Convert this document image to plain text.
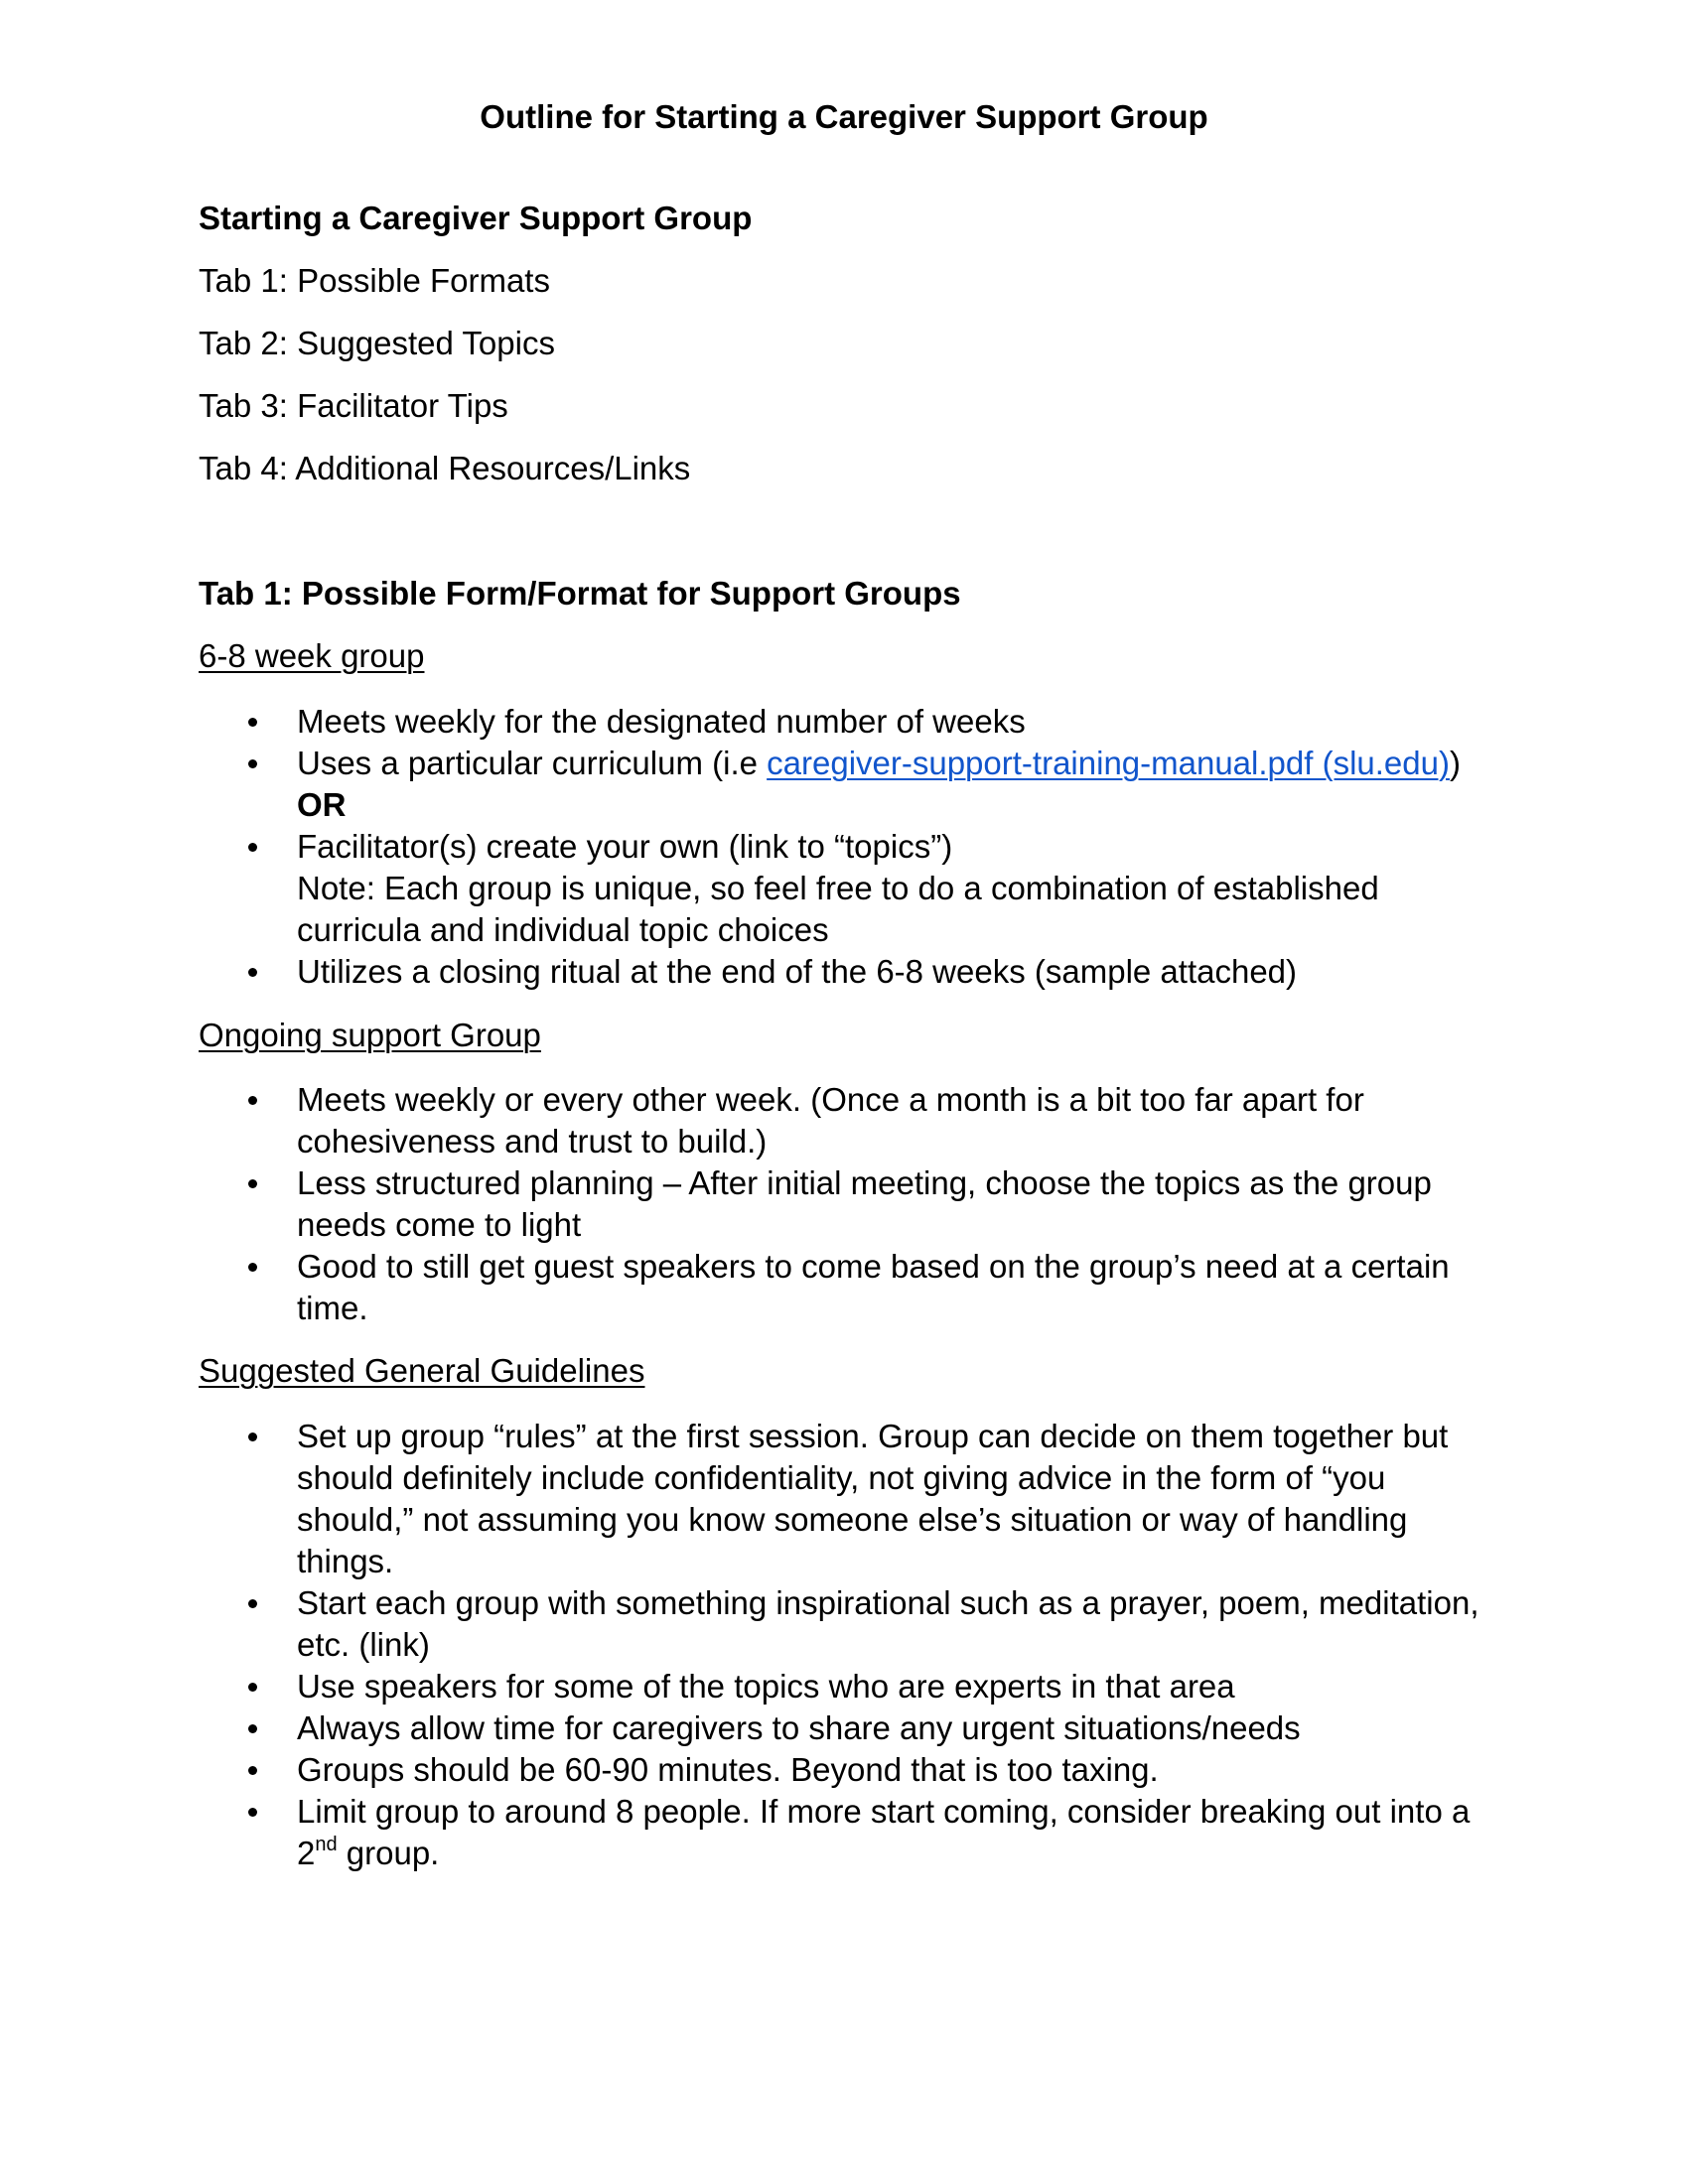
Outline for Starting a Caregiver Support Group
Starting a Caregiver Support Group
Tab 1: Possible Formats
Tab 2: Suggested Topics
Tab 3: Facilitator Tips
Tab 4: Additional Resources/Links
Tab 1: Possible Form/Format for Support Groups
6-8 week group
Meets weekly for the designated number of weeks
Uses a particular curriculum (i.e caregiver-support-training-manual.pdf (slu.edu))
OR
Facilitator(s) create your own (link to “topics”)
Note: Each group is unique, so feel free to do a combination of established curricula and individual topic choices
Utilizes a closing ritual at the end of the 6-8 weeks (sample attached)
Ongoing support Group
Meets weekly or every other week. (Once a month is a bit too far apart for cohesiveness and trust to build.)
Less structured planning – After initial meeting, choose the topics as the group needs come to light
Good to still get guest speakers to come based on the group’s need at a certain time.
Suggested General Guidelines
Set up group “rules” at the first session. Group can decide on them together but should definitely include confidentiality, not giving advice in the form of “you should,” not assuming you know someone else’s situation or way of handling things.
Start each group with something inspirational such as a prayer, poem, meditation, etc. (link)
Use speakers for some of the topics who are experts in that area
Always allow time for caregivers to share any urgent situations/needs
Groups should be 60-90 minutes. Beyond that is too taxing.
Limit group to around 8 people. If more start coming, consider breaking out into a 2nd group.
